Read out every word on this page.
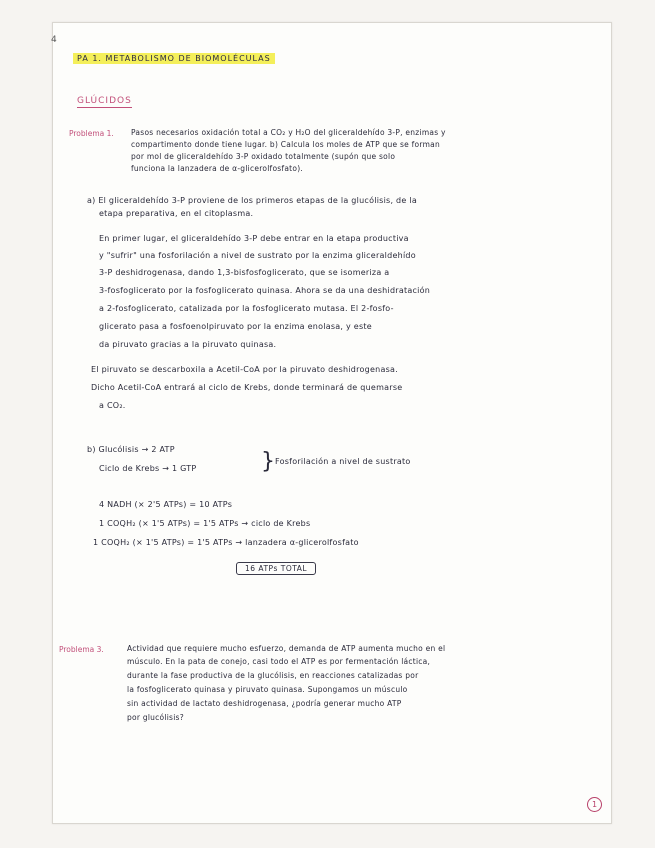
4
PA 1. METABOLISMO DE BIOMOLÉCULAS
GLÚCIDOS
Problema 1. Pasos necesarios oxidación total a CO₂ y H₂O del gliceraldehído 3-P, enzimas y
compartimento donde tiene lugar. b) Calcula los moles de ATP que se forman
por mol de gliceraldehído 3-P oxidado totalmente (supón que solo
funciona la lanzadera de α-glicerolfosfato).
a) El gliceraldehído 3-P proviene de los primeros etapas de la glucólisis, de la
etapa preparativa, en el citoplasma.
En primer lugar, el gliceraldehído 3-P debe entrar en la etapa productiva
y "sufrir" una fosforilación a nivel de sustrato por la enzima gliceraldehído
3-P deshidrogenasa, dando 1,3-bisfosfoglicerato, que se isomeriza a
3-fosfoglicerato por la fosfoglicerato quinasa. Ahora se da una deshidratación
a 2-fosfoglicerato, catalizada por la fosfoglicerato mutasa. El 2-fosfo-
glicerato pasa a fosfoenolpiruvato por la enzima enolasa, y este
da piruvato gracias a la piruvato quinasa.
El piruvato se descarboxila a Acetil-CoA por la piruvato deshidrogenasa.
Dicho Acetil-CoA entrará al ciclo de Krebs, donde terminará de quemarse
a CO₂.
b) Glucólisis → 2 ATP
Ciclo de Krebs → 1 GTP	} Fosforilación a nivel de sustrato
4 NADH (× 2'5 ATPs) = 10 ATPs
1 COQH₂ (× 1'5 ATPs) = 1'5 ATPs → ciclo de Krebs
1 COQH₂ (× 1'5 ATPs) = 1'5 ATPs → lanzadera α-glicerolfosfato
16 ATPs TOTAL
Problema 3.	Actividad que requiere mucho esfuerzo, demanda de ATP aumenta mucho en el
músculo. En la pata de conejo, casi todo el ATP es por fermentación láctica,
durante la fase productiva de la glucólisis, en reacciones catalizadas por
la fosfoglicerato quinasa y piruvato quinasa. Supongamos un músculo
sin actividad de lactato deshidrogenasa, ¿podría generar mucho ATP
por glucólisis?
1
